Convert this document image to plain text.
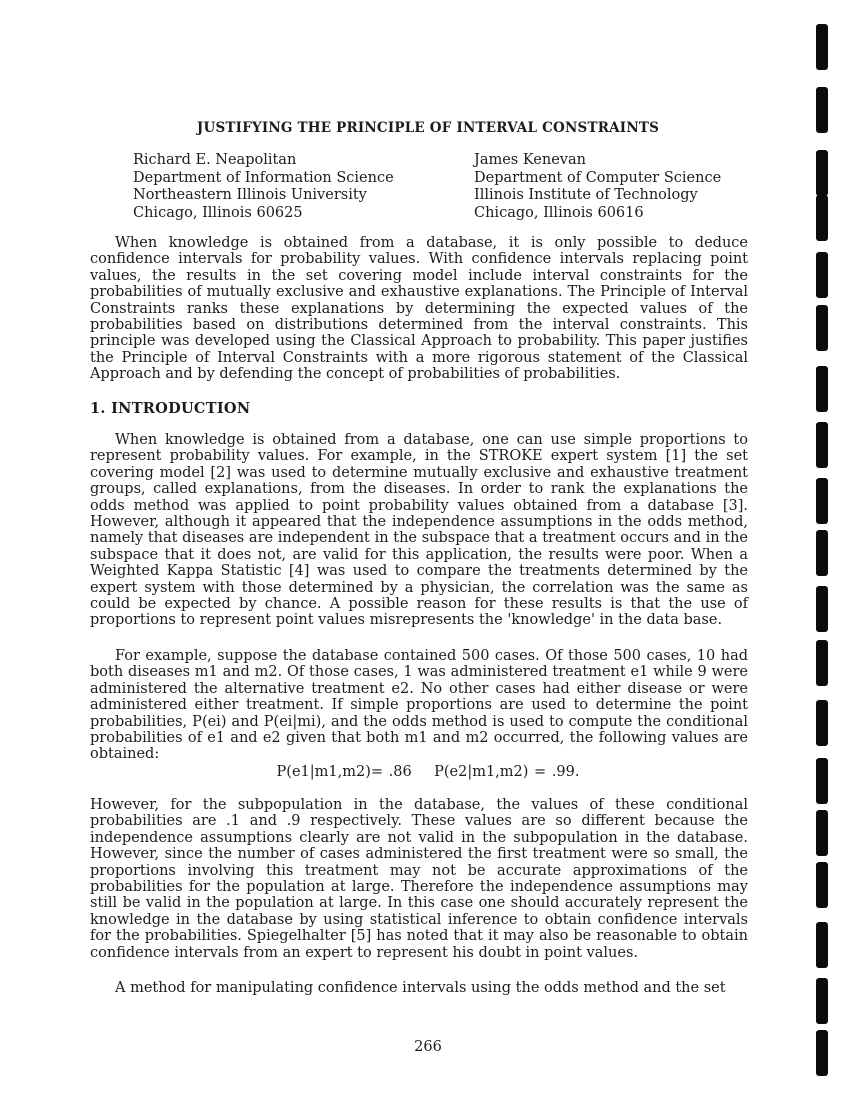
JUSTIFYING THE PRINCIPLE OF INTERVAL CONSTRAINTS
Richard E. Neapolitan
Department of Information Science
Northeastern Illinois University
Chicago, Illinois 60625
James Kenevan
Department of Computer Science
Illinois Institute of Technology
Chicago, Illinois 60616

When knowledge is obtained from a database, it is only possible to deduce confidence intervals for probability values. With confidence intervals replacing point values, the results in the set covering model include interval constraints for the probabilities of mutually exclusive and exhaustive explanations. The Principle of Interval Constraints ranks these explanations by determining the expected values of the probabilities based on distributions determined from the interval constraints. This principle was developed using the Classical Approach to probability. This paper justifies the Principle of Interval Constraints with a more rigorous statement of the Classical Approach and by defending the concept of probabilities of probabilities.

1. INTRODUCTION

When knowledge is obtained from a database, one can use simple proportions to represent probability values. For example, in the STROKE expert system [1] the set covering model [2] was used to determine mutually exclusive and exhaustive treatment groups, called explanations, from the diseases. In order to rank the explanations the odds method was applied to point probability values obtained from a database [3]. However, although it appeared that the independence assumptions in the odds method, namely that diseases are independent in the subspace that a treatment occurs and in the subspace that it does not, are valid for this application, the results were poor. When a Weighted Kappa Statistic [4] was used to compare the treatments determined by the expert system with those determined by a physician, the correlation was the same as could be expected by chance. A possible reason for these results is that the use of proportions to represent point values misrepresents the 'knowledge' in the data base.

For example, suppose the database contained 500 cases. Of those 500 cases, 10 had both diseases m1 and m2. Of those cases, 1 was administered treatment e1 while 9 were administered the alternative treatment e2. No other cases had either disease or were administered either treatment. If simple proportions are used to determine the point probabilities, P(ei) and P(ei|mi), and the odds method is used to compute the conditional probabilities of e1 and e2 given that both m1 and m2 occurred, the following values are obtained:

P(e1|m1,m2)= .86    P(e2|m1,m2) = .99.

However, for the subpopulation in the database, the values of these conditional probabilities are .1 and .9 respectively. These values are so different because the independence assumptions clearly are not valid in the subpopulation in the database. However, since the number of cases administered the first treatment were so small, the proportions involving this treatment may not be accurate approximations of the probabilities for the population at large. Therefore the independence assumptions may still be valid in the population at large. In this case one should accurately represent the knowledge in the database by using statistical inference to obtain confidence intervals for the probabilities. Spiegelhalter [5] has noted that it may also be reasonable to obtain confidence intervals from an expert to represent his doubt in point values.

A method for manipulating confidence intervals using the odds method and the set

266
